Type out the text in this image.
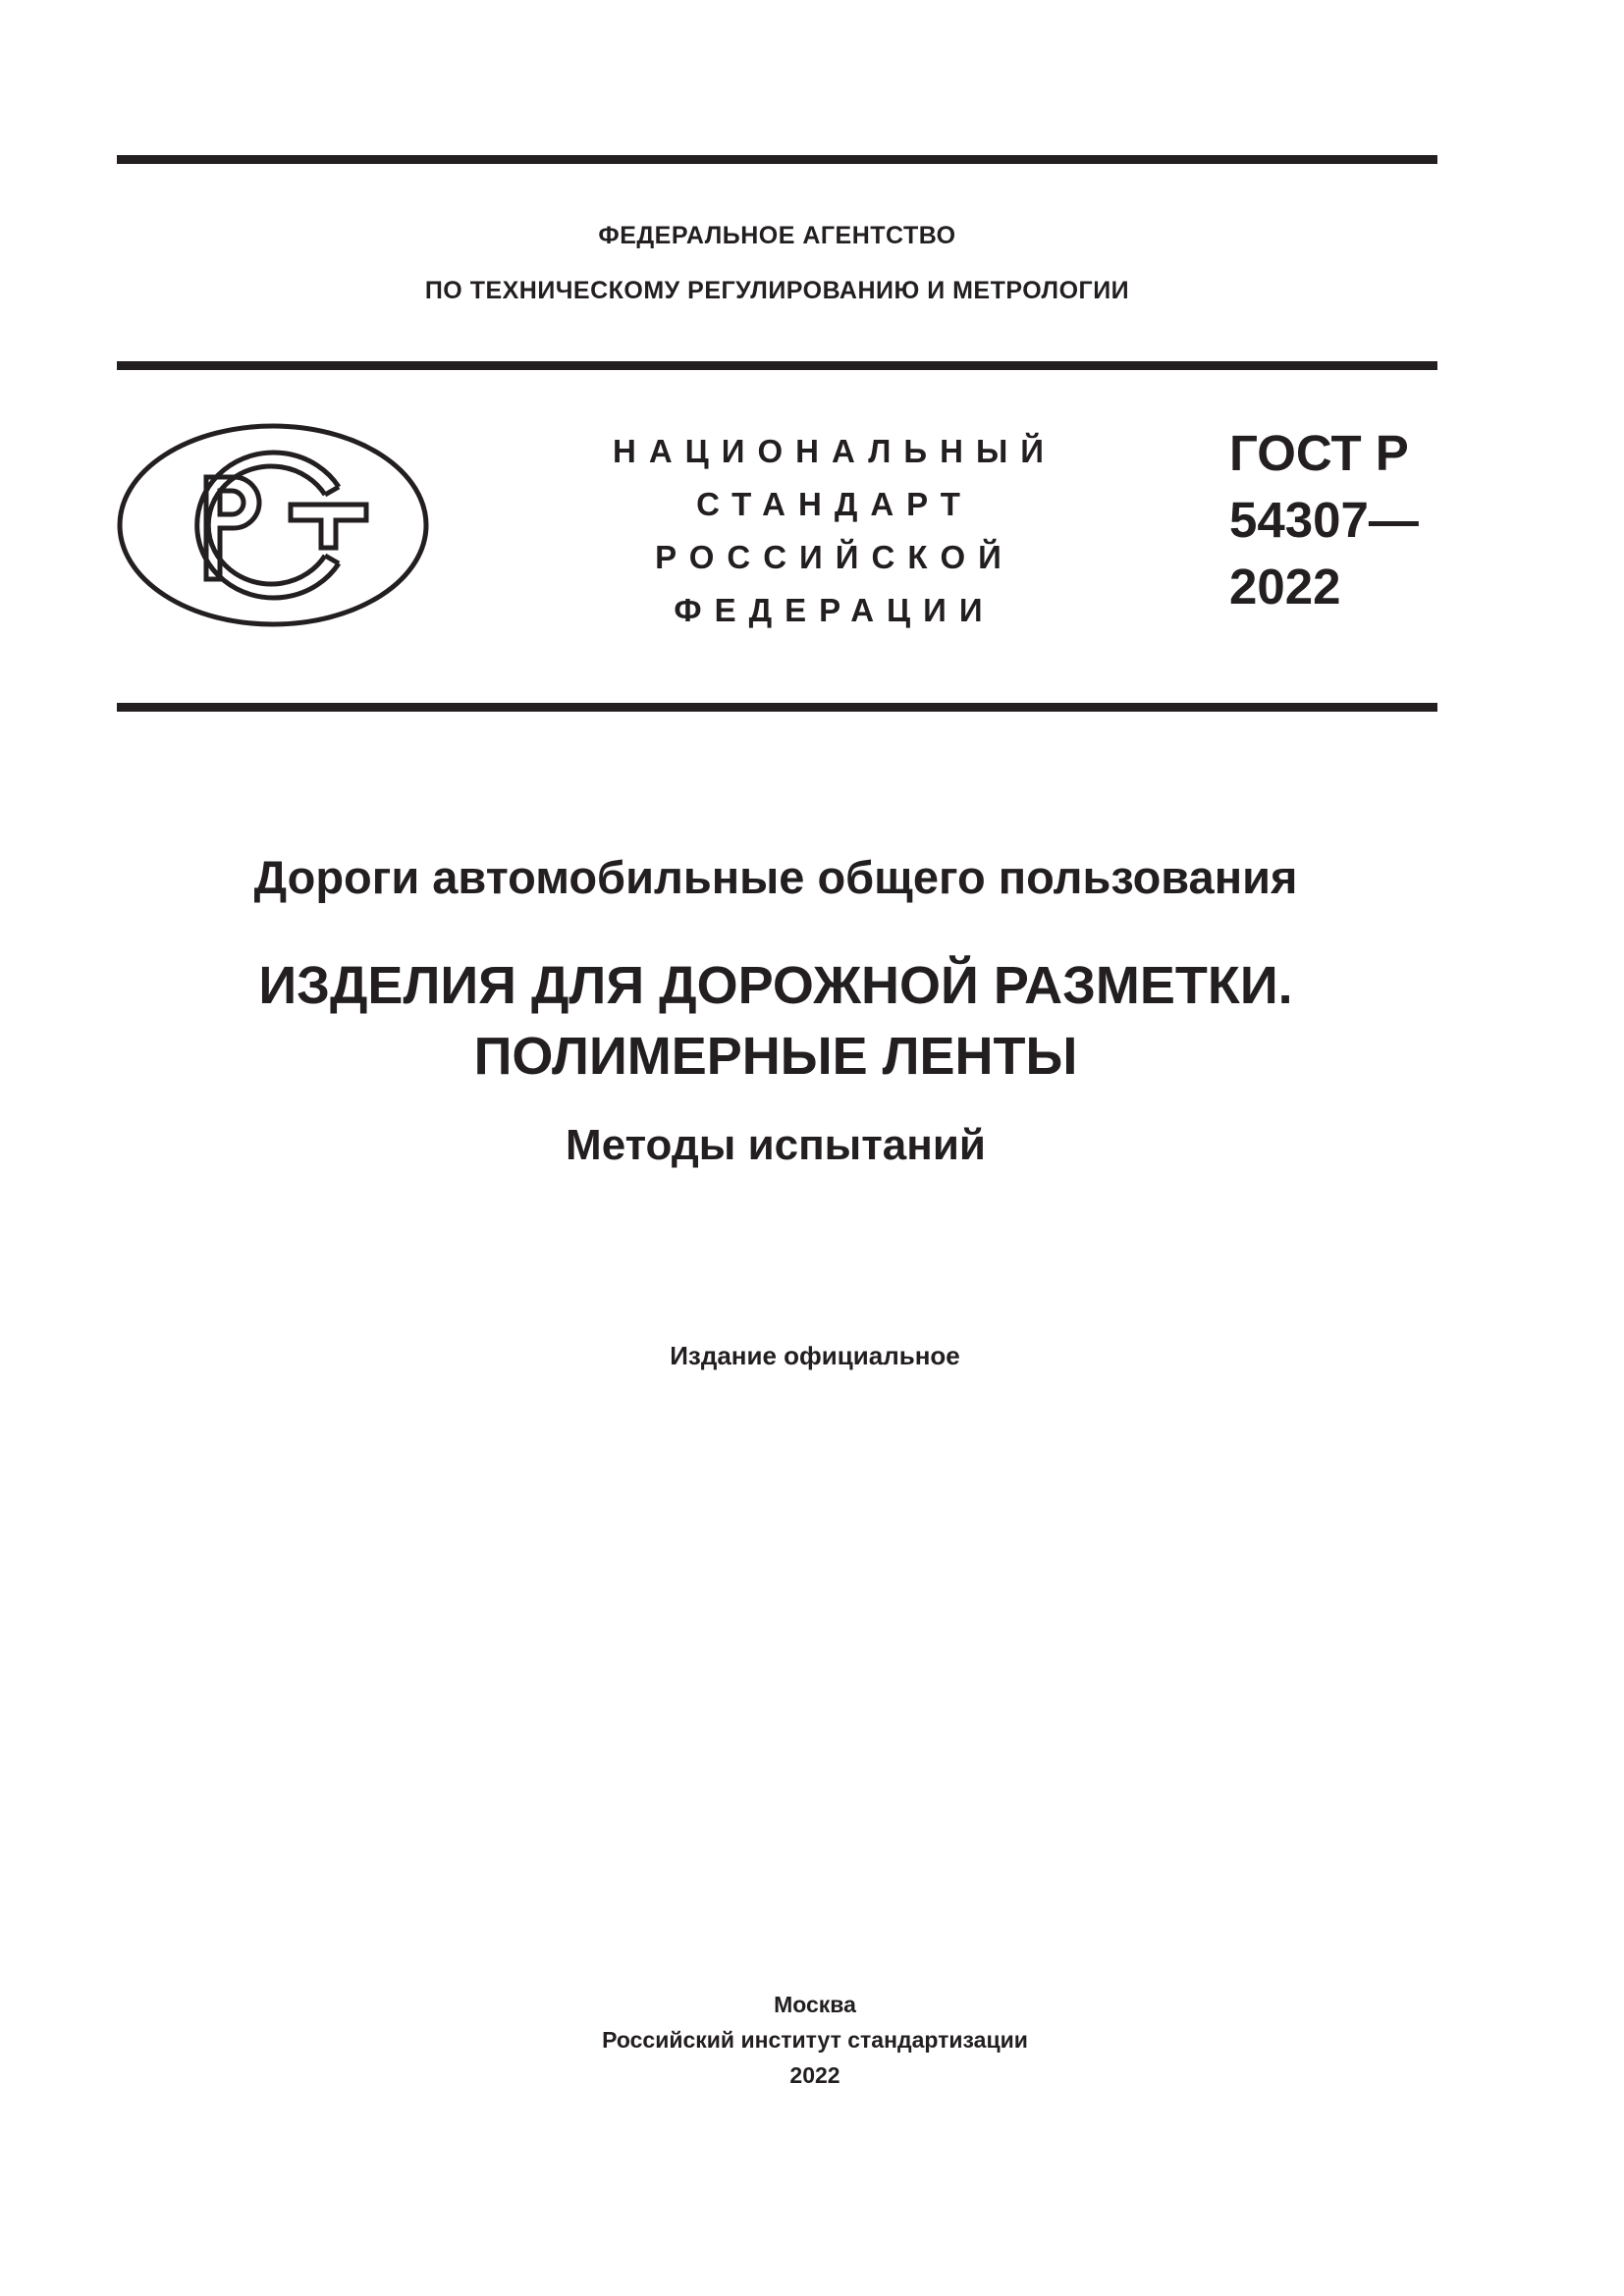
ФЕДЕРАЛЬНОЕ АГЕНТСТВО
ПО ТЕХНИЧЕСКОМУ РЕГУЛИРОВАНИЮ И МЕТРОЛОГИИ
НАЦИОНАЛЬНЫЙ
СТАНДАРТ
РОССИЙСКОЙ
ФЕДЕРАЦИИ
ГОСТ Р
54307—
2022
Дороги автомобильные общего пользования
ИЗДЕЛИЯ ДЛЯ ДОРОЖНОЙ РАЗМЕТКИ.
ПОЛИМЕРНЫЕ ЛЕНТЫ
Методы испытаний
Издание официальное
Москва
Российский институт стандартизации
2022
